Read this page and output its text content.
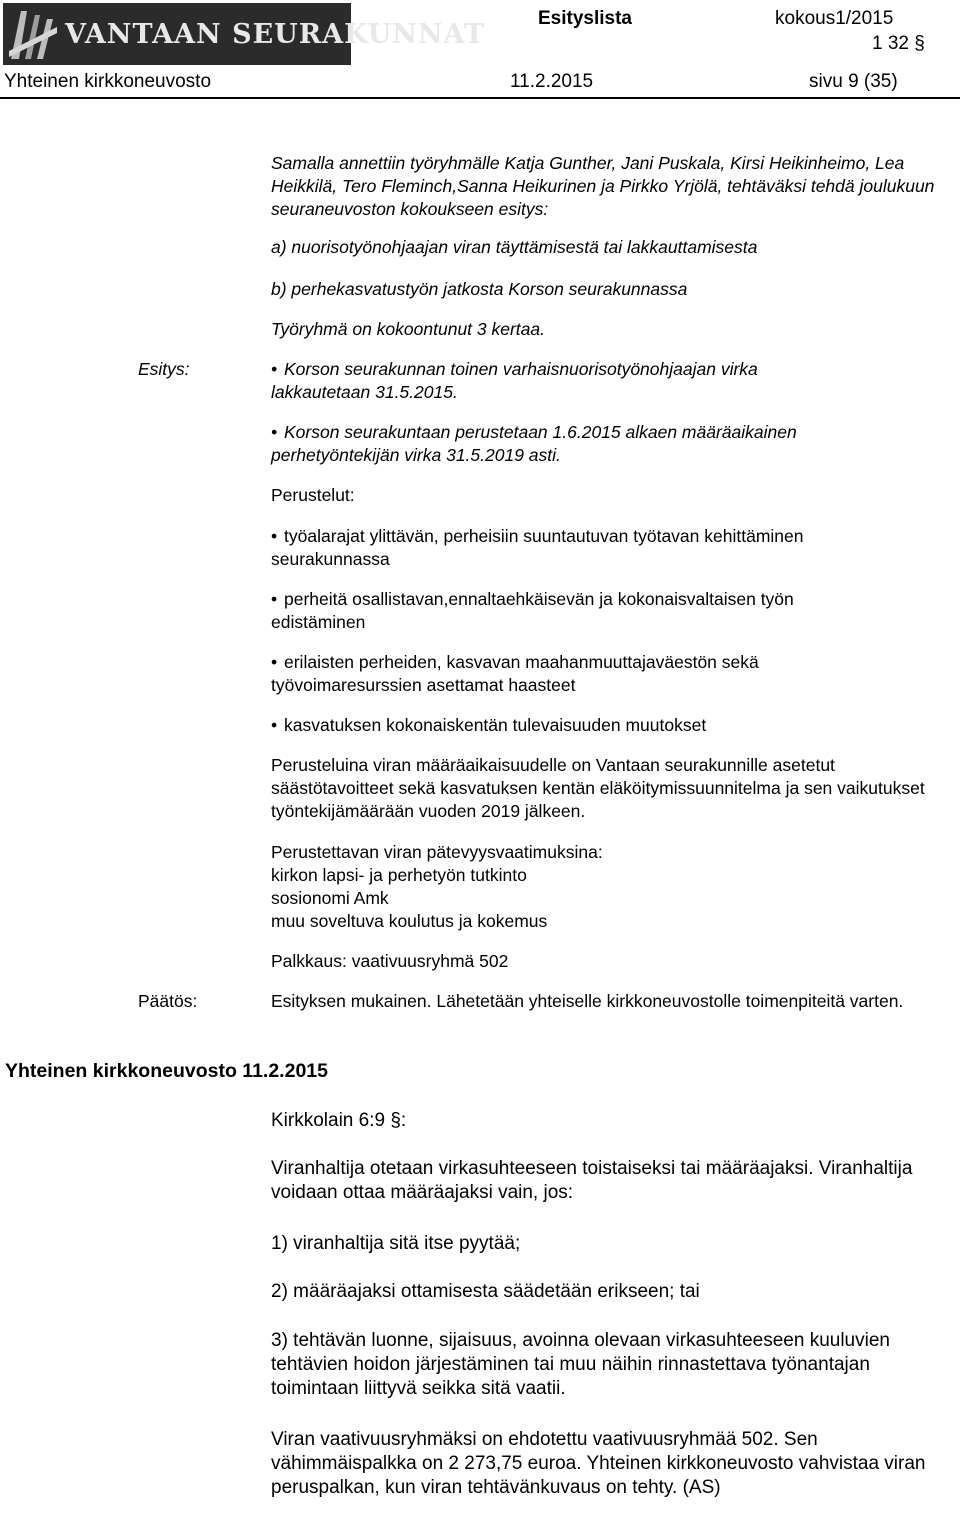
VANTAAN SEURAKUNNAT
Esityslista	kokous1/2015
1 32 §
Yhteinen kirkkoneuvosto	11.2.2015	sivu 9 (35)
Samalla annettiin työryhmälle Katja Gunther, Jani Puskala, Kirsi Heikinheimo, Lea Heikkilä, Tero Fleminch,Sanna Heikurinen ja Pirkko Yrjölä, tehtäväksi tehdä joulukuun seuraneuvoston kokoukseen esitys:
a) nuorisotyönohjaajan viran täyttämisestä tai lakkauttamisesta
b) perhekasvatustyön jatkosta Korson seurakunnassa
Työryhmä on kokoontunut 3 kertaa.
Esitys:
•	Korson seurakunnan toinen varhaisnuorisotyönohjaajan virka
lakkautetaan 31.5.2015.
• Korson seurakuntaan perustetaan 1.6.2015 alkaen määräaikainen
perhetyöntekijän virka 31.5.2019 asti.
Perustelut:
• työalarajat ylittävän, perheisiin suuntautuvan työtavan kehittäminen
seurakunnassa
• perheitä osallistavan,ennaltaehkäisevän ja kokonaisvaltaisen työn
edistäminen
• erilaisten perheiden, kasvavan maahanmuuttajaväestön sekä
työvoimaresurssien asettamat haasteet
• kasvatuksen kokonaiskentän tulevaisuuden muutokset
Perusteluina viran määräaikaisuudelle on Vantaan seurakunnille asetetut säästötavoitteet sekä kasvatuksen kentän eläköitymissuunnitelma ja sen vaikutukset työntekijämäärään vuoden 2019 jälkeen.
Perustettavan viran pätevyysvaatimuksina:
kirkon lapsi- ja perhetyön tutkinto
sosionomi Amk
muu soveltuva koulutus ja kokemus
Palkkaus: vaativuusryhmä 502
Päätös:	Esityksen mukainen. Lähetetään yhteiselle kirkkoneuvostolle toimenpiteitä varten.
Yhteinen kirkkoneuvosto 11.2.2015
Kirkkolain 6:9 §:
Viranhaltija otetaan virkasuhteeseen toistaiseksi tai määräajaksi. Viranhaltija voidaan ottaa määräajaksi vain, jos:
1) viranhaltija sitä itse pyytää;
2) määräajaksi ottamisesta säädetään erikseen; tai
3) tehtävän luonne, sijaisuus, avoinna olevaan virkasuhteeseen kuuluvien tehtävien hoidon järjestäminen tai muu näihin rinnastettava työnantajan toimintaan liittyvä seikka sitä vaatii.
Viran vaativuusryhmäksi on ehdotettu vaativuusryhmää 502. Sen vähimmäispalkka on 2 273,75 euroa. Yhteinen kirkkoneuvosto vahvistaa viran peruspalkan, kun viran tehtävänkuvaus on tehty. (AS)
